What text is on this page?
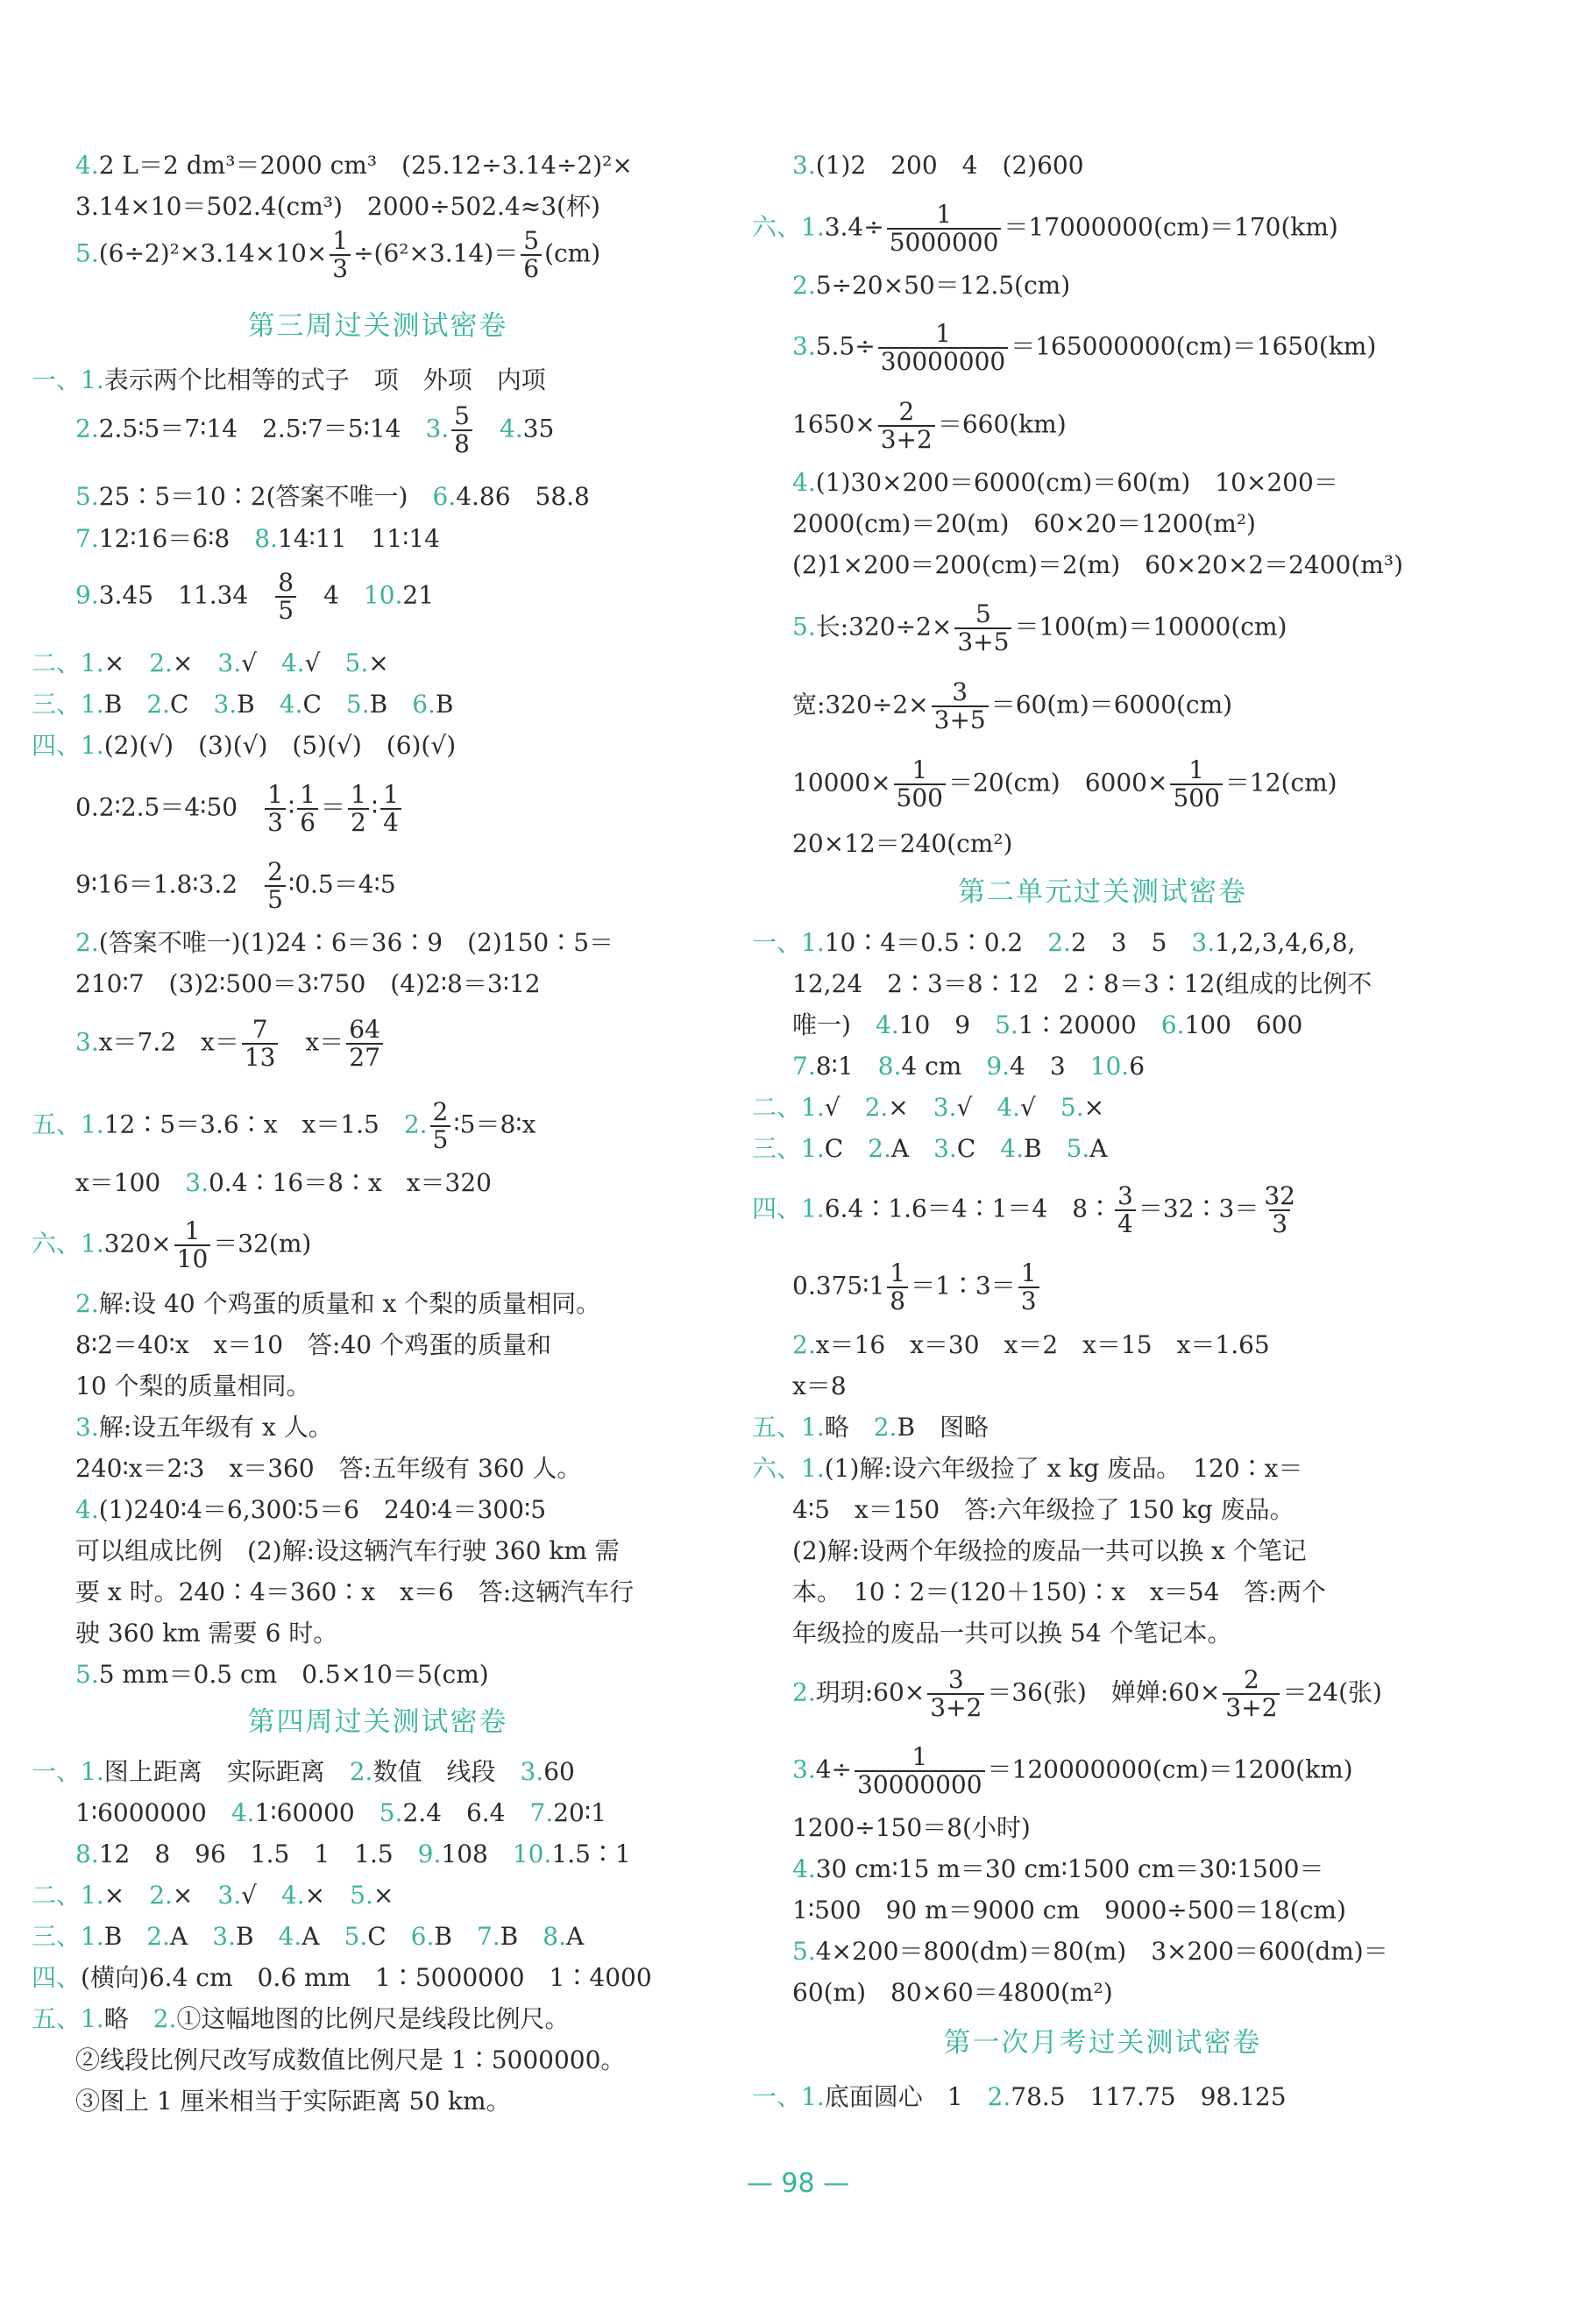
4.2 L＝2 dm³＝2000 cm³　(25.12÷3.14÷2)²×
3.14×10＝502.4(cm³)　2000÷502.4≈3(杯)
$5.(6\div 2)^2\times 3.14\times 10\times \frac{1}{3} \div(6^2\times 3.14)= \frac{5}{6} (cm)$
第三周过关测试密卷
一、1.表示两个比相等的式子　项　外项　内项
2.2.5∶5＝7∶14　2.5∶7＝5∶14　3. $\frac{5}{8}$
　 4.35
5.25∶5＝10∶2(答案不唯一)　6.4.86　58.8
7.12∶16＝6∶8　8.14∶11　11∶14
9.3.45　11.34　 $\frac{8}{5}$ 　4　10.21
二、1.×　2.×　3.√　4.√　5.×
三、1.B　2.C　3.B　4.C　5.B　6.B
四、1.(2)(√)　(3)(√)　(5)(√)　(6)(√)
0.2∶2.5＝4∶50　 $\frac{1}{3}$ ∶ $\frac{1}{6} = \frac{1}{2}$ ∶ $\frac{1}{4}$
9∶16＝1.8∶3.2　 $\frac{2}{5}$ ∶0.5＝4∶5
2.(答案不唯一)(1)24∶6＝36∶9　(2)150∶5＝
210∶7　(3)2∶500＝3∶750　(4)2∶8＝3∶12
3.x＝7.2　$x= \frac{7}{13}$ 　$x= \frac{64}{27}$
五、1.12∶5＝3.6∶x　x＝1.5　2. $\frac{2}{5}$ ∶5＝8∶x
x＝100　3.0.4∶16＝8∶x　x＝320
六、$1.320\times \frac{1}{10} =32(m)$
2.解:设 40 个鸡蛋的质量和 x 个梨的质量相同。
8∶2＝40∶x　x＝10　答:40 个鸡蛋的质量和
10 个梨的质量相同。
3.解:设五年级有 x 人。
240∶x＝2∶3　x＝360　答:五年级有 360 人。
4.(1)240∶4＝6,300∶5＝6　240∶4＝300∶5
可以组成比例　(2)解:设这辆汽车行驶 360 km 需
要 x 时。240∶4＝360∶x　x＝6　答:这辆汽车行
驶 360 km 需要 6 时。
5.5 mm＝0.5 cm　0.5×10＝5(cm)
第四周过关测试密卷
一、1.图上距离　实际距离　2.数值　线段　3.60
1∶6000000　4.1∶60000　5.2.4　6.4　7.20∶1
8.12　8　96　1.5　1　1.5　9.108　10.1.5∶1
二、1.×　2.×　3.√　4.×　5.×
三、1.B　2.A　3.B　4.A　5.C　6.B　7.B　8.A
四、(横向)6.4 cm　0.6 mm　1∶5000000　1∶4000
五、1.略　2.①这幅地图的比例尺是线段比例尺。
②线段比例尺改写成数值比例尺是 1∶5000000。
③图上 1 厘米相当于实际距离 50 km。
3.(1)2　200　4　(2)600
六、$1.3.4\div \frac{1}{5000000} =17000000(cm)=170(km)$
2.5÷20×50＝12.5(cm)
$3.5.5\div \frac{1}{30000000} =165000000(cm)=1650(km)$
$1650\times \frac{2}{3+2} =660(km)$
4.(1)30×200＝6000(cm)＝60(m)　10×200＝
2000(cm)＝20(m)　60×20＝1200(m²)
(2)1×200＝200(cm)＝2(m)　60×20×2＝2400(m³)
5.长:320÷2× $\frac{5}{3+5} =100(m)=10000(cm)$
宽:320÷2× $\frac{3}{3+5} =60(m)=6000(cm)$
$10000\times \frac{1}{500} =20(cm)$　$6000\times \frac{1}{500} =12(cm)$
20×12＝240(cm²)
第二单元过关测试密卷
一、1.10∶4＝0.5∶0.2　2.2　3　5　3.1,2,3,4,6,8,
12,24　2∶3＝8∶12　2∶8＝3∶12(组成的比例不
唯一)　4.10　9　5.1∶20000　6.100　600
7.8∶1　8.4 cm　9.4　3　10.6
二、1.√　2.×　3.√　4.√　5.×
三、1.C　2.A　3.C　4.B　5.A
四、1.6.4∶1.6＝4∶1＝4　8∶ $\frac{3}{4}$ ＝32∶3＝ $\frac{32}{3}$
0.375∶1 $\frac{1}{8}$ ＝1∶3＝ $\frac{1}{3}$
2.x＝16　x＝30　x＝2　x＝15　x＝1.65
x＝8
五、1.略　2.B　图略
六、1.(1)解:设六年级捡了 x kg 废品。　120∶x＝
4∶5　x＝150　答:六年级捡了 150 kg 废品。
(2)解:设两个年级捡的废品一共可以换 x 个笔记
本。　10∶2＝(120＋150)∶x　x＝54　答:两个
年级捡的废品一共可以换 54 个笔记本。
2.玥玥:60× $\frac{3}{3+2} =36$(张)　婵婵:60× $\frac{2}{3+2} =24$(张)
$3.4\div \frac{1}{30000000} =120000000(cm)=1200(km)$
1200÷150＝8(小时)
4.30 cm∶15 m＝30 cm∶1500 cm＝30∶1500＝
1∶500　90 m＝9000 cm　9000÷500＝18(cm)
5.4×200＝800(dm)＝80(m)　3×200＝600(dm)＝
60(m)　80×60＝4800(m²)
第一次月考过关测试密卷
一、1.底面圆心　1　2.78.5　117.75　98.125
— 98 —
